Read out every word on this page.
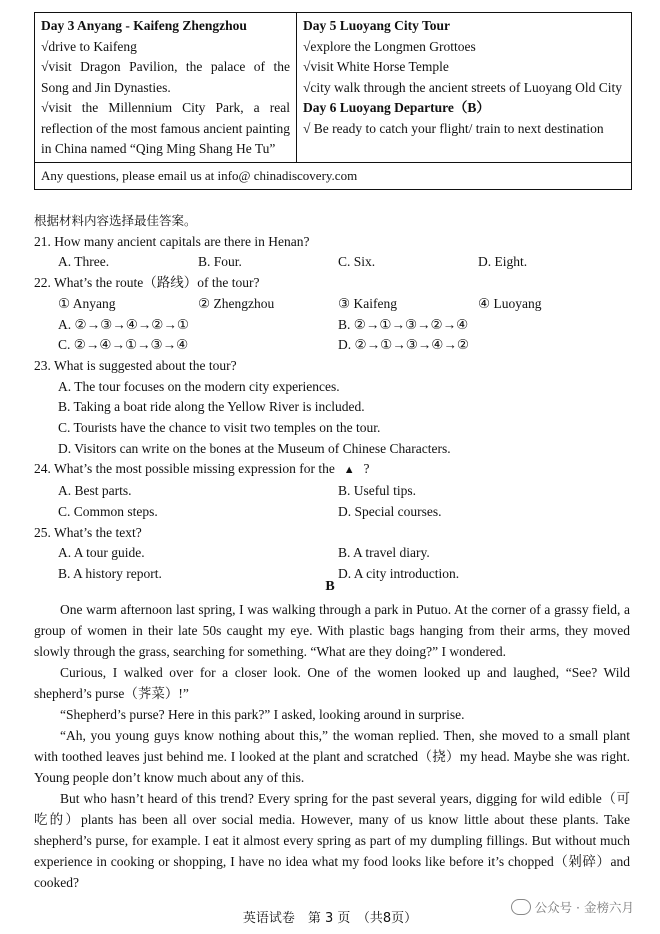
Day 3 Anyang - Kaifeng Zhengzhou
√drive to Kaifeng
√visit Dragon Pavilion, the palace of the Song and Jin Dynasties.
√visit the Millennium City Park, a real reflection of the most famous ancient painting in China named “Qing Ming Shang He Tu”
Day 5 Luoyang City Tour
√explore the Longmen Grottoes
√visit White Horse Temple
√city walk through the ancient streets of Luoyang Old City
Day 6 Luoyang Departure（B）
√ Be ready to catch your flight/ train to next destination
Any questions, please email us at info@ chinadiscovery.com
根据材料内容选择最佳答案。
21. How many ancient capitals are there in Henan?
A. Three.	B. Four.	C. Six.	D. Eight.
22. What’s the route（路线）of the tour?
① Anyang	② Zhengzhou	③ Kaifeng	④ Luoyang
A. ②→③→④→②→①	B. ②→①→③→②→④
C. ②→④→①→③→④	D. ②→①→③→④→②
23. What is suggested about the tour?
A. The tour focuses on the modern city experiences.
B. Taking a boat ride along the Yellow River is included.
C. Tourists have the chance to visit two temples on the tour.
D. Visitors can write on the bones at the Museum of Chinese Characters.
24. What’s the most possible missing expression for the   ▲   ?
A. Best parts.	B. Useful tips.
C. Common steps.	D. Special courses.
25. What’s the text?
A. A tour guide.	B. A travel diary.
B. A history report.	D. A city introduction.
B

One warm afternoon last spring, I was walking through a park in Putuo. At the corner of a grassy field, a group of women in their late 50s caught my eye. With plastic bags hanging from their arms, they moved slowly through the grass, searching for something. “What are they doing?” I wondered.

Curious, I walked over for a closer look. One of the women looked up and laughed, “See? Wild shepherd’s purse（荠菜）!”

“Shepherd’s purse? Here in this park?” I asked, looking around in surprise.

“Ah, you young guys know nothing about this,” the woman replied. Then, she moved to a small plant with toothed leaves just behind me. I looked at the plant and scratched（挠）my head. Maybe she was right. Young people don’t know much about any of this.

But who hasn’t heard of this trend? Every spring for the past several years, digging for wild edible（可吃的）plants has been all over social media. However, many of us know little about these plants. Take shepherd’s purse, for example. I eat it almost every spring as part of my dumpling fillings. But without much experience in cooking or shopping, I have no idea what my food looks like before it’s chopped（剁碎）and cooked?

英语试卷　第 3 页　（共8页）
公众号 · 金榜六月
